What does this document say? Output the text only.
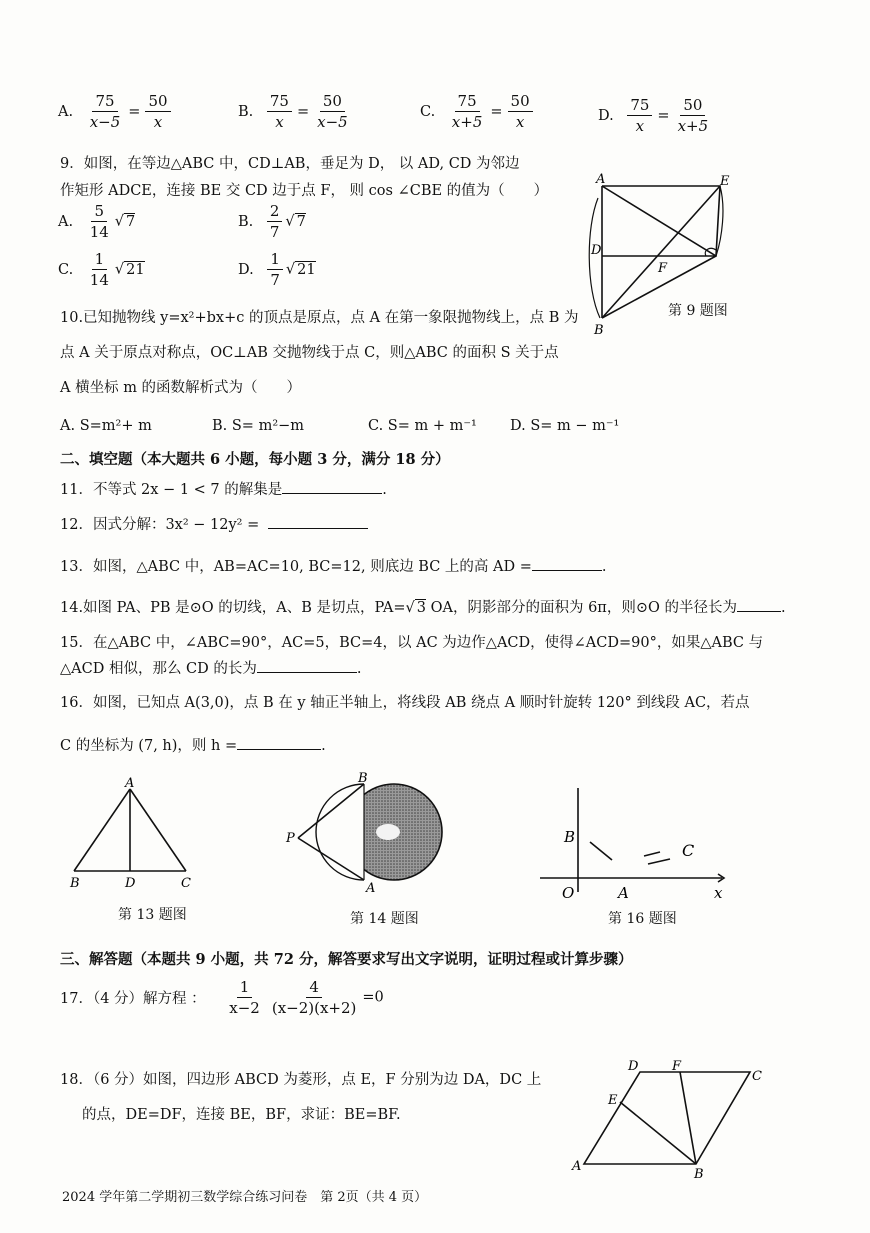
A. $\frac{75}{x-5} = \frac{50}{x}$	B. $\frac{75}{x} = \frac{50}{x-5}$	C. $\frac{75}{x+5} = \frac{50}{x}$	D. $\frac{75}{x} = \frac{50}{x+5}$
9．如图，在等边△ABC 中，CD⊥AB，垂足为 D， 以 AD, CD 为邻边
作矩形 ADCE，连接 BE 交 CD 边于点 F， 则 cos ∠CBE 的值为（　　）
A. $\frac{5}{14}$ √ 7	B. $\frac{2}{7}$ √ 7
C. $\frac{1}{14}$ √ 21	D. $\frac{1}{7}$ √ 21
A	E
D
F
B
第 9 题图
10.已知抛物线 y=x²+bx+c 的顶点是原点，点 A 在第一象限抛物线上，点 B 为
点 A 关于原点对称点，OC⊥AB 交抛物线于点 C，则△ABC 的面积 S 关于点
A 横坐标 m 的函数解析式为（　　）
A. S=m²+ m	B. S= m²−m	C. S= m + m⁻¹ D. S= m − m⁻¹
二、填空题（本大题共 6 小题，每小题 3 分，满分 18 分）
11．不等式 2x − 1 < 7 的解集是	.
12．因式分解：3x² − 12y² =
13．如图，△ABC 中，AB=AC=10, BC=12, 则底边 BC 上的高 AD =	.
14.如图 PA、PB 是⊙O 的切线，A、B 是切点，PA=√ 3 OA，阴影部分的面积为 6π，则⊙O 的半径长为	.
15．在△ABC 中，∠ABC=90°，AC=5，BC=4，以 AC 为边作△ACD，使得∠ACD=90°，如果△ABC 与
△ACD 相似，那么 CD 的长为	.
16．如图，已知点 A(3,0)，点 B 在 y 轴正半轴上，将线段 AB 绕点 A 顺时针旋转 120° 到线段 AC，若点
C 的坐标为 (7, h)，则 h =	.
A
B	D	C
第 13 题图
P
B
A
第 14 题图
B
O	A
C
x
第 16 题图
三、解答题（本题共 9 小题，共 72 分，解答要求写出文字说明，证明过程或计算步骤）
17．（4 分）解方程 ： $\frac{1}{x-2} \frac{4}{(x-2)(x+2)} =0$
18．（6 分）如图，四边形 ABCD 为菱形，点 E，F 分别为边 DA，DC 上
的点，DE=DF，连接 BE，BF，求证：BE=BF.
D	F
C
E
A
B
2024 学年第二学期初三数学综合练习问卷　第 2页（共 4 页）
